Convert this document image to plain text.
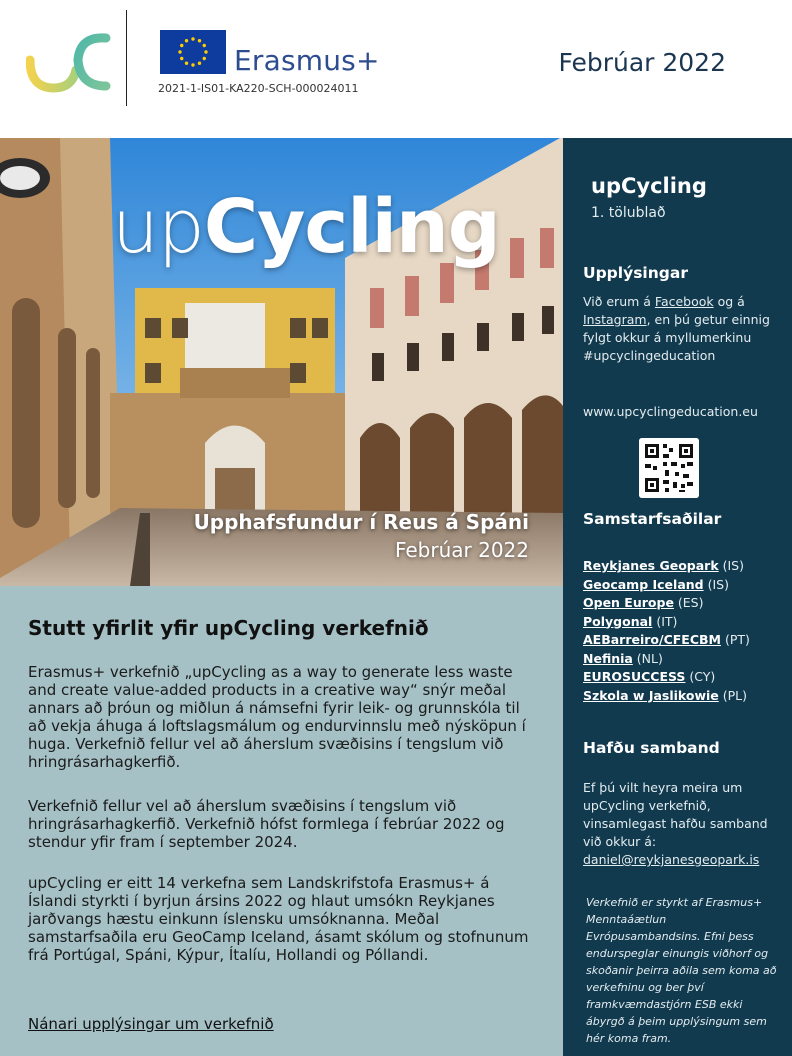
Erasmus+
2021-1-IS01-KA220-SCH-000024011
Febrúar 2022
upCycling
Upphafsfundur í Reus á Spáni
Febrúar 2022
Stutt yfirlit yfir upCycling verkefnið

Erasmus+ verkefnið „upCycling as a way to generate less waste and create value-added products in a creative way“ snýr meðal annars að þróun og miðlun á námsefni fyrir leik- og grunnskóla til að vekja áhuga á loftslagsmálum og endurvinnslu með nýsköpun í huga. Verkefnið fellur vel að áherslum svæðisins í tengslum við hringrásarhagkerfið.

Verkefnið fellur vel að áherslum svæðisins í tengslum við hringrásarhagkerfið. Verkefnið hófst formlega í febrúar 2022 og stendur yfir fram í september 2024.

upCycling er eitt 14 verkefna sem Landskrifstofa Erasmus+ á Íslandi styrkti í byrjun ársins 2022 og hlaut umsókn Reykjanes jarðvangs hæstu einkunn íslensku umsóknanna. Meðal samstarfsaðila eru GeoCamp Iceland, ásamt skólum og stofnunum frá Portúgal, Spáni, Kýpur, Ítalíu, Hollandi og Póllandi.

Nánari upplýsingar um verkefnið
upCycling
1. tölublað
Upplýsingar
Við erum á Facebook og á Instagram, en þú getur einnig fylgt okkur á myllumerkinu #upcyclingeducation
www.upcyclingeducation.eu
Samstarfsaðilar
Reykjanes Geopark (IS)
Geocamp Iceland (IS)
Open Europe (ES)
Polygonal (IT)
AEBarreiro/CFECBM (PT)
Nefinia (NL)
EUROSUCCESS (CY)
Szkola w Jaslikowie (PL)
Hafðu samband
Ef þú vilt heyra meira um upCycling verkefnið, vinsamlegast hafðu samband við okkur á:
daniel@reykjanesgeopark.is
Verkefnið er styrkt af Erasmus+ Menntaáætlun Evrópusambandsins. Efni þess endurspeglar einungis viðhorf og skoðanir þeirra aðila sem koma að verkefninu og ber því framkvæmdastjórn ESB ekki ábyrgð á þeim upplýsingum sem hér koma fram.
